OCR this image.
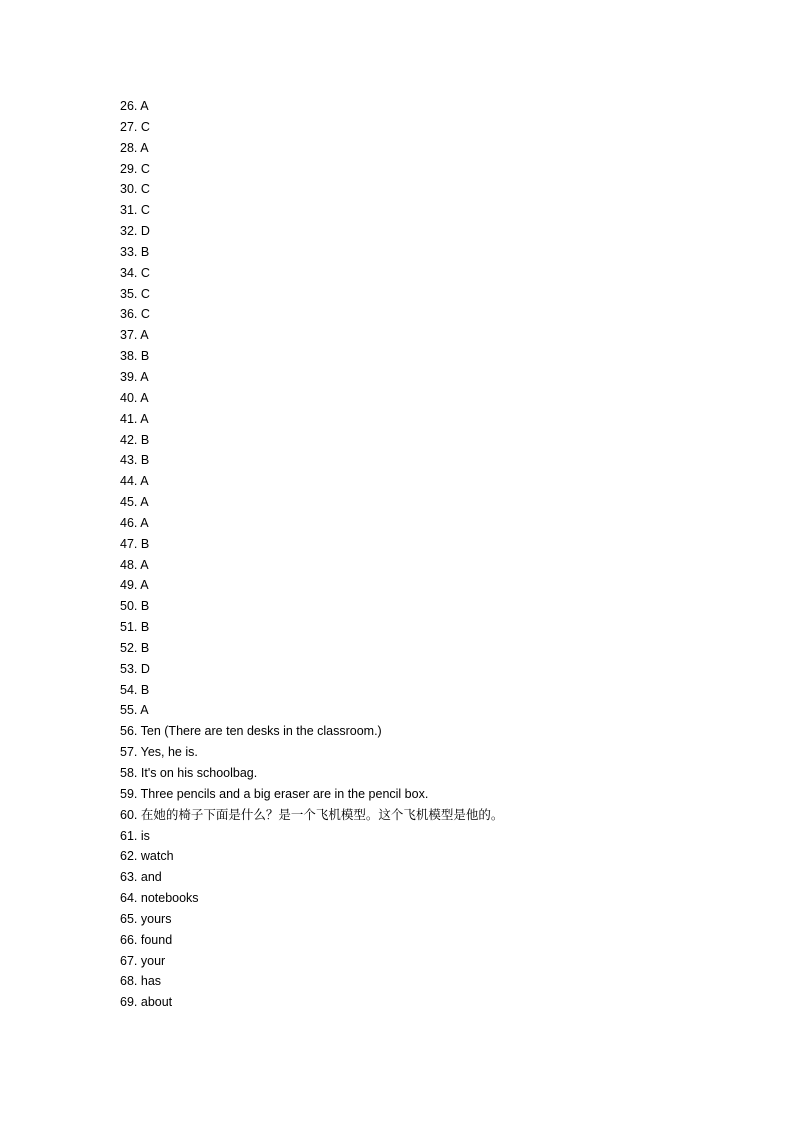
26. A
27. C
28. A
29. C
30. C
31. C
32. D
33. B
34. C
35. C
36. C
37. A
38. B
39. A
40. A
41. A
42. B
43. B
44. A
45. A
46. A
47. B
48. A
49. A
50. B
51. B
52. B
53. D
54. B
55. A
56. Ten (There are ten desks in the classroom.)
57. Yes, he is.
58. It's on his schoolbag.
59. Three pencils and a big eraser are in the pencil box.
60. 在她的椅子下面是什么？是一个飞机模型。这个飞机模型是他的。
61. is
62. watch
63. and
64. notebooks
65. yours
66. found
67. your
68. has
69. about
